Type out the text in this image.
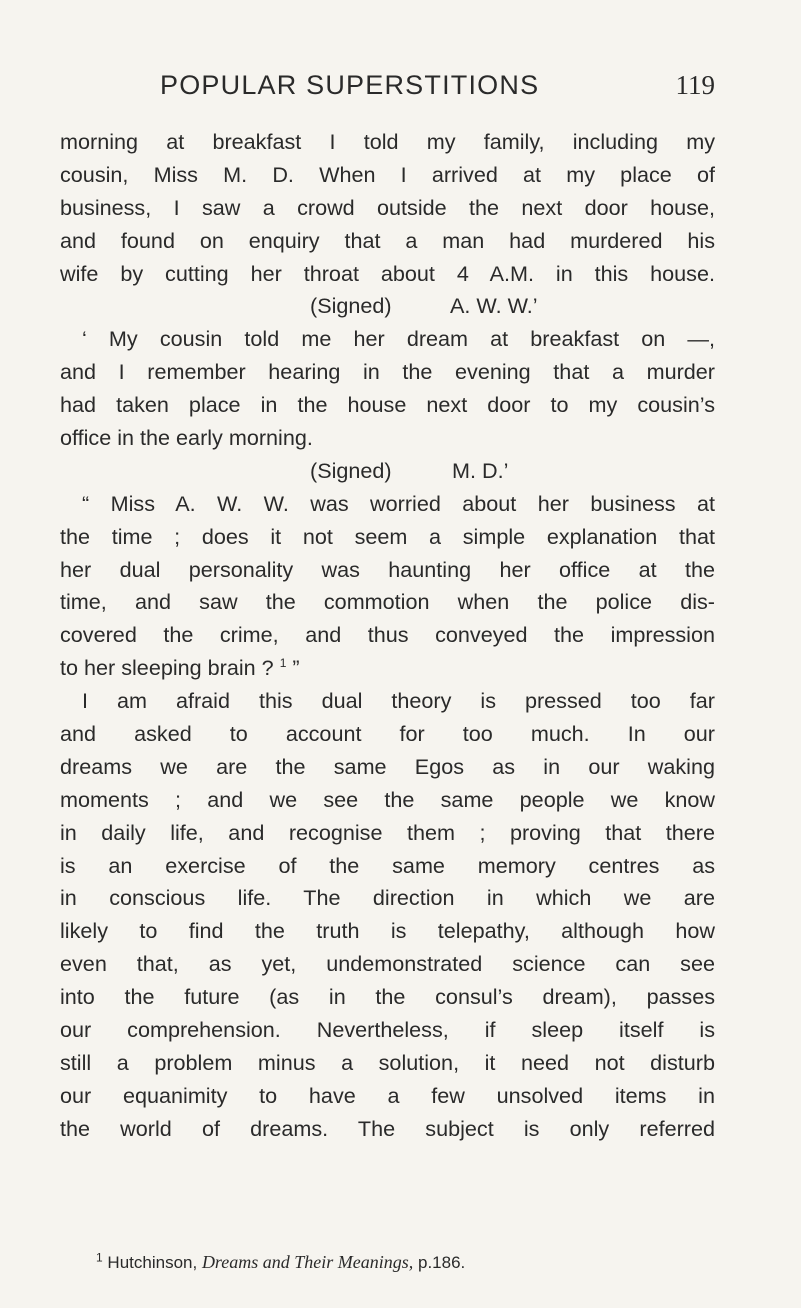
POPULAR SUPERSTITIONS	119
morning at breakfast I told my family, including my
cousin, Miss M. D. When I arrived at my place of
business, I saw a crowd outside the next door house,
and found on enquiry that a man had murdered his
wife by cutting her throat about 4 A.M. in this house.
(Signed)	A. W. W.’
‘ My cousin told me her dream at breakfast on —,
and I remember hearing in the evening that a murder
had taken place in the house next door to my cousin’s
office in the early morning.
(Signed)	M. D.’
“ Miss A. W. W. was worried about her business at
the time ; does it not seem a simple explanation that
her dual personality was haunting her office at the
time, and saw the commotion when the police dis-
covered the crime, and thus conveyed the impression
to her sleeping brain ? $^1$ ”
I am afraid this dual theory is pressed too far
and asked to account for too much. In our
dreams we are the same Egos as in our waking
moments ; and we see the same people we know
in daily life, and recognise them ; proving that there
is an exercise of the same memory centres as
in conscious life. The direction in which we are
likely to find the truth is telepathy, although how
even that, as yet, undemonstrated science can see
into the future (as in the consul’s dream), passes
our comprehension. Nevertheless, if sleep itself is
still a problem minus a solution, it need not disturb
our equanimity to have a few unsolved items in
the world of dreams. The subject is only referred
$^1$ Hutchinson, Dreams and Their Meanings, p.186.
